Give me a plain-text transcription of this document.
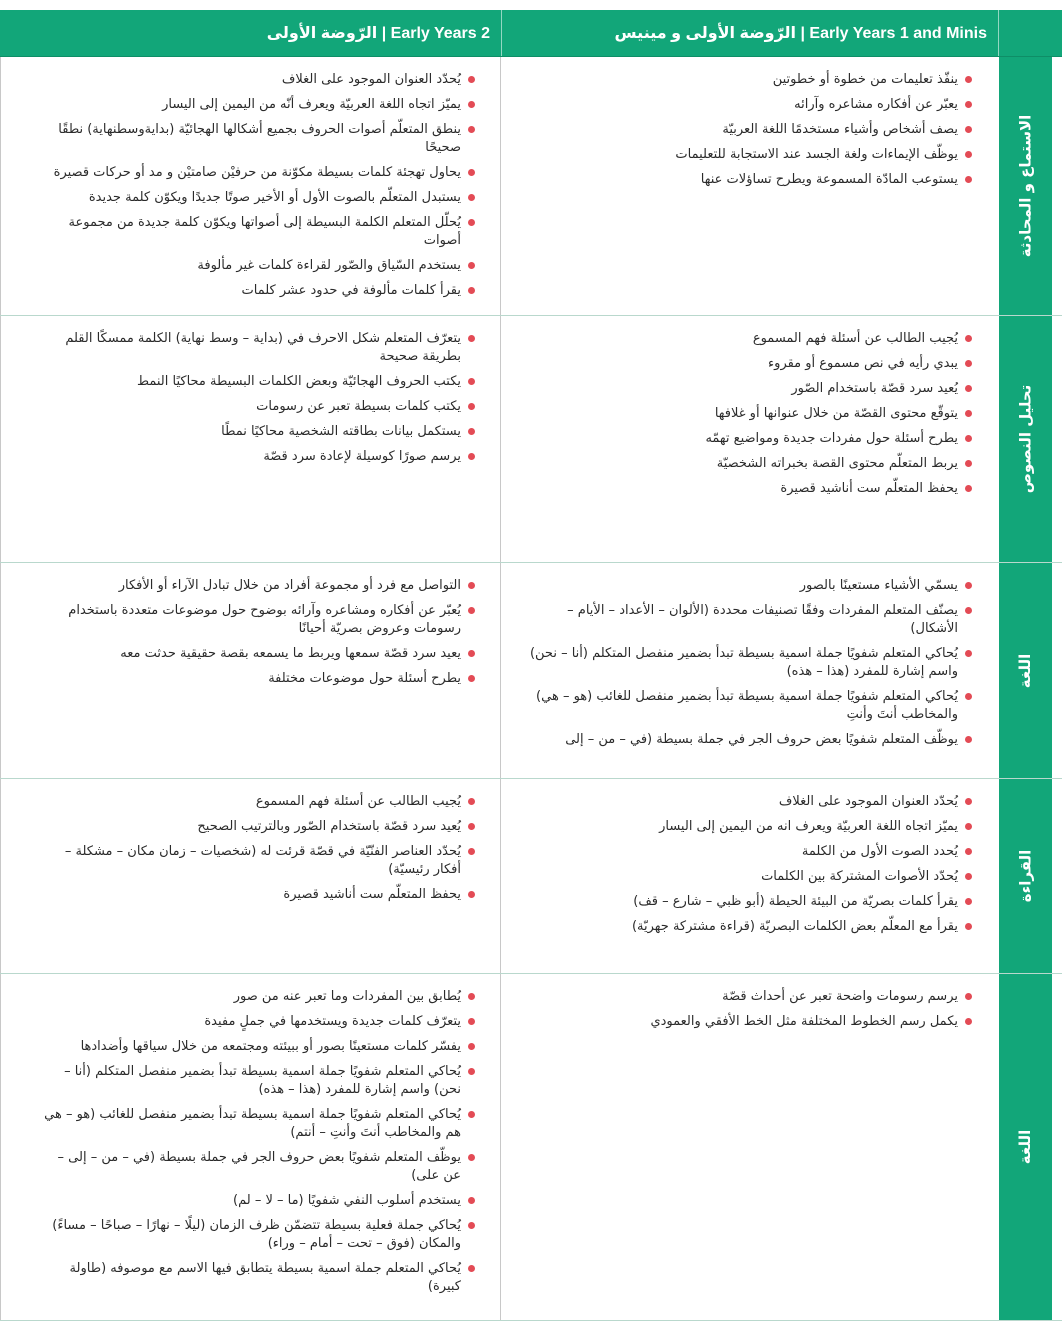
الرّوضة الأولى و مينيس | Early Years 1 and Minis
الرّوضة الأولى | Early Years 2
الاستماع و المحادثة
ينفّذ تعليمات من خطوة أو خطوتين
يعبّر عن أفكاره مشاعره وآرائه
يصف أشخاص وأشياء مستخدمًا اللغة العربيّة
يوظّف الإيماءات ولغة الجسد عند الاستجابة للتعليمات
يستوعب المادّة المسموعة ويطرح تساؤلات عنها
يُحدّد العنوان الموجود على الغلاف
يميّز اتجاه اللغة العربيّة ويعرف أنّه من اليمين إلى اليسار
ينطق المتعلّم أصوات الحروف بجميع أشكالها الهجائيّة (بدايةوسطنهاية) نطقًا صحيحًا
يحاول تهجئة كلمات بسيطة مكوّنة من حرفيْن صامتيْن و مد أو حركات قصيرة
يستبدل المتعلّم بالصوت الأول أو الأخير صوتًا جديدًا ويكوّن كلمة جديدة
يُحلّل المتعلم الكلمة البسيطة إلى أصواتها ويكوّن كلمة جديدة من مجموعة أصوات
يستخدم السّياق والصّور لقراءة كلمات غير مألوفة
يقرأ كلمات مألوفة في حدود عشر كلمات
تحليل النصوص
يُجيب الطالب عن أسئلة فهم المسموع
يبدي رأيه في نص مسموع أو مقروء
يُعيد سرد قصّة باستخدام الصّور
يتوقّع محتوى القصّة من خلال عنوانها أو غلافها
يطرح أسئلة حول مفردات جديدة ومواضيع تهمّه
يربط المتعلّم محتوى القصة بخبراته الشخصيّة
يحفظ المتعلّم ست أناشيد قصيرة
يتعرّف المتعلم شكل الاحرف في (بداية – وسط نهاية) الكلمة ممسكًا القلم بطريقة صحيحة
يكتب الحروف الهجائيّة وبعض الكلمات البسيطة محاكيًا النمط
يكتب كلمات بسيطة تعبر عن رسومات
يستكمل بيانات بطاقته الشخصية محاكيًا نمطًا
يرسم صورًا كوسيلة لإعادة سرد قصّة
اللغة
يسمّي الأشياء مستعينًا بالصور
يصنّف المتعلم المفردات وفقًا تصنيفات محددة (الألوان – الأعداد – الأيام – الأشكال)
يُحاكي المتعلم شفويًا جملة اسمية بسيطة تبدأ بضمير منفصل المتكلم (أنا – نحن) واسم إشارة للمفرد (هذا – هذه)
يُحاكي المتعلم شفويًا جملة اسمية بسيطة تبدأ بضمير منفصل للغائب (هو – هي) والمخاطب أنتَ وأنتِ
يوظّف المتعلم شفويًا بعض حروف الجر في جملة بسيطة (في – من – إلى
التواصل مع فرد أو مجموعة أفراد من خلال تبادل الآراء أو الأفكار
يُعبّر عن أفكاره ومشاعره وآرائه بوضوح حول موضوعات متعددة باستخدام رسومات وعروض بصريّة أحيانًا
يعيد سرد قصّة سمعها ويربط ما يسمعه بقصة حقيقية حدثت معه
يطرح أسئلة حول موضوعات مختلفة
القراءة
يُحدّد العنوان الموجود على الغلاف
يميّز اتجاه اللغة العربيّة ويعرف انه من اليمين إلى اليسار
يُحدد الصوت الأول من الكلمة
يُحدّد الأصوات المشتركة بين الكلمات
يقرأ كلمات بصريّة من البيئة الحيطة (أبو ظبي – شارع – قف)
يقرأ مع المعلّم بعض الكلمات البصريّة (قراءة مشتركة جهريّة)
يُجيب الطالب عن أسئلة فهم المسموع
يُعيد سرد قصّة باستخدام الصّور وبالترتيب الصحيح
يُحدّد العناصر الفنّيّة في قصّة قرئت له (شخصيات – زمان مكان – مشكلة – أفكار رئيسيّة)
يحفظ المتعلّم ست أناشيد قصيرة
اللغة
يرسم رسومات واضحة تعبر عن أحداث قصّة
يكمل رسم الخطوط المختلفة مثل الخط الأفقي والعمودي
يُطابق بين المفردات وما تعبر عنه من صور
يتعرّف كلمات جديدة ويستخدمها في جملٍ مفيدة
يفسّر كلمات مستعينًا بصور أو ببيئته ومجتمعه من خلال سياقها وأضدادها
يُحاكي المتعلم شفويًا جملة اسمية بسيطة تبدأ بضمير منفصل المتكلم (أنا – نحن) واسم إشارة للمفرد (هذا – هذه)
يُحاكي المتعلم شفويًا جملة اسمية بسيطة تبدأ بضمير منفصل للغائب (هو – هي هم والمخاطب أنتَ وأنتِ – أنتم)
يوظّف المتعلم شفويًا بعض حروف الجر في جملة بسيطة (في – من – إلى – عن على)
يستخدم أسلوب النفي شفويًا (ما – لا – لم)
يُحاكي جملة فعلية بسيطة تتضمّن ظرف الزمان (ليلًا – نهارًا – صباحًا – مساءً) والمكان (فوق – تحت – أمام – وراء)
يُحاكي المتعلم جملة اسمية بسيطة يتطابق فيها الاسم مع موصوفه (طاولة كبيرة)
